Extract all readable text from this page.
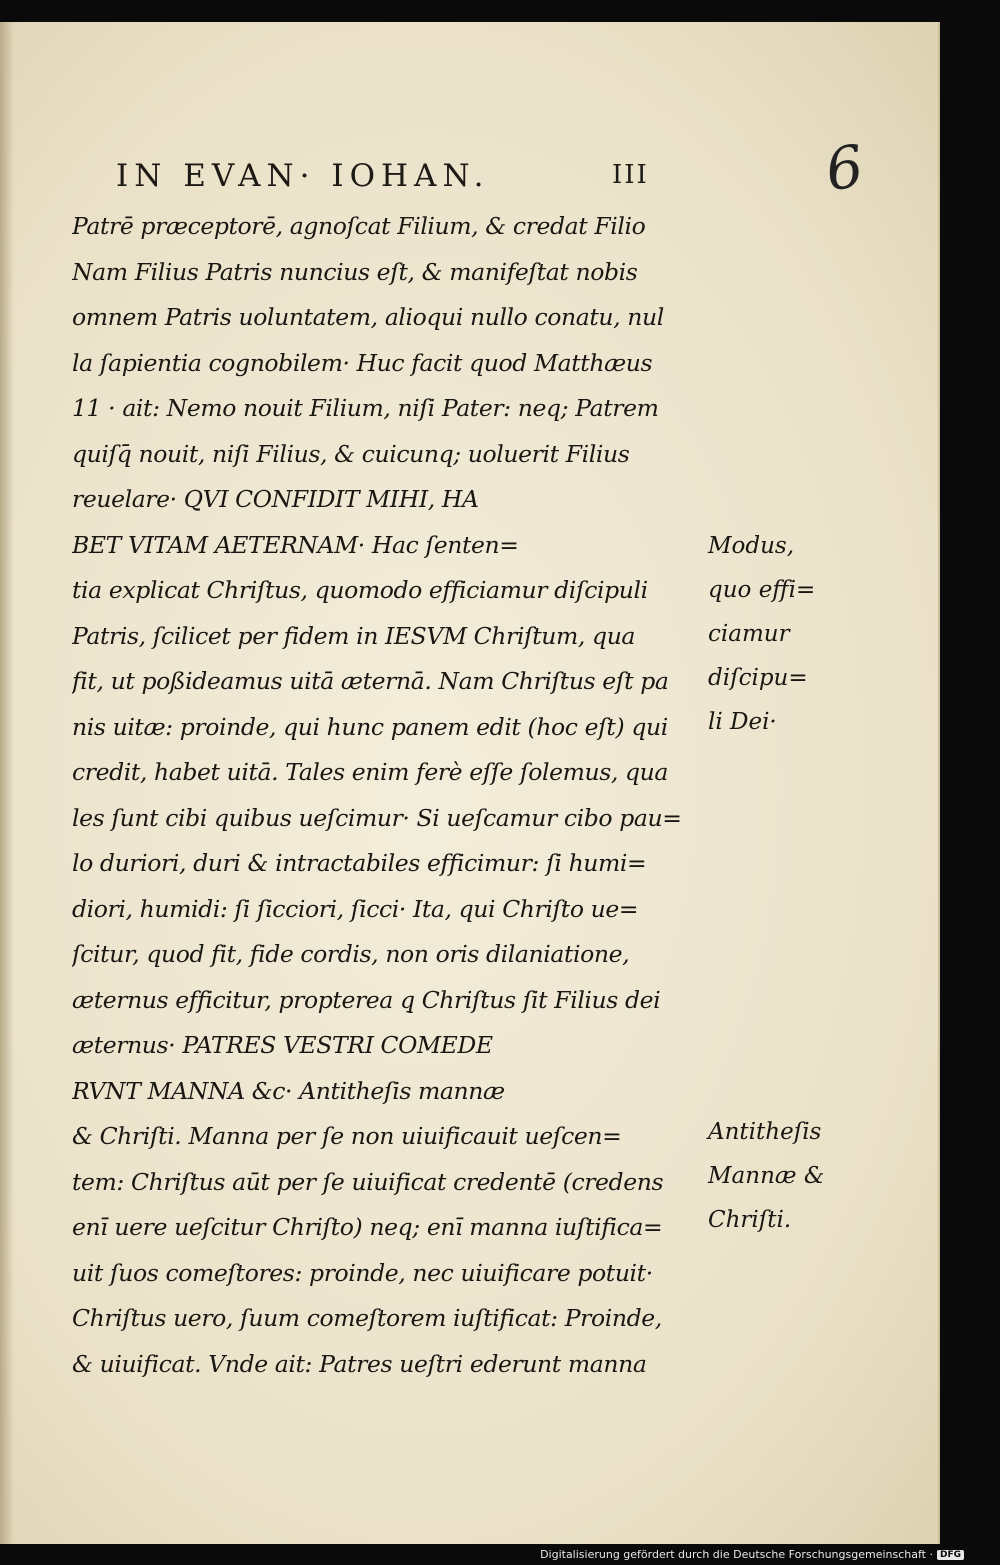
IN EVAN· IOHAN.	III	6
Patrē præceptorē, agnoſcat Filium, & credat Filio
Nam Filius Patris nuncius eſt, & manifeſtat nobis
omnem Patris uoluntatem, alioqui nullo conatu, nul
la ſapientia cognobilem· Huc facit quod Matthæus
11 · ait: Nemo nouit Filium, niſi Pater: neq; Patrem
quiſq̄ nouit, niſi Filius, & cuicunq; uoluerit Filius
reuelare· QVI CONFIDIT MIHI, HA
BET VITAM AETERNAM· Hac ſenten=
tia explicat Chriſtus, quomodo efficiamur diſcipuli
Patris, ſcilicet per fidem in IESVM Chriſtum, qua
fit, ut poßideamus uitā æternā. Nam Chriſtus eſt pa
nis uitæ: proinde, qui hunc panem edit (hoc eſt) qui
credit, habet uitā. Tales enim ferè eſſe ſolemus, qua
les ſunt cibi quibus ueſcimur· Si ueſcamur cibo pau=
lo duriori, duri & intractabiles efficimur: ſi humi=
diori, humidi: ſi ſicciori, ſicci· Ita, qui Chriſto ue=
ſcitur, quod fit, fide cordis, non oris dilaniatione,
æternus efficitur, propterea q̧ Chriſtus ſit Filius dei
æternus· PATRES VESTRI COMEDE
RVNT MANNA &c· Antitheſis mannæ
& Chriſti. Manna per ſe non uiuificauit ueſcen=
tem: Chriſtus aūt per ſe uiuificat credentē (credens
enī uere ueſcitur Chriſto) neq; enī manna iuſtifica=
uit ſuos comeſtores: proinde, nec uiuificare potuit·
Chriſtus uero, ſuum comeſtorem iuſtificat: Proinde,
& uiuificat. Vnde ait: Patres ueſtri ederunt manna
Modus,
quo effi=
ciamur
diſcipu=
li Dei·
Antitheſis
Mannæ &
Chriſti.
Digitalisierung gefördert durch die Deutsche Forschungsgemeinschaft · DFG
